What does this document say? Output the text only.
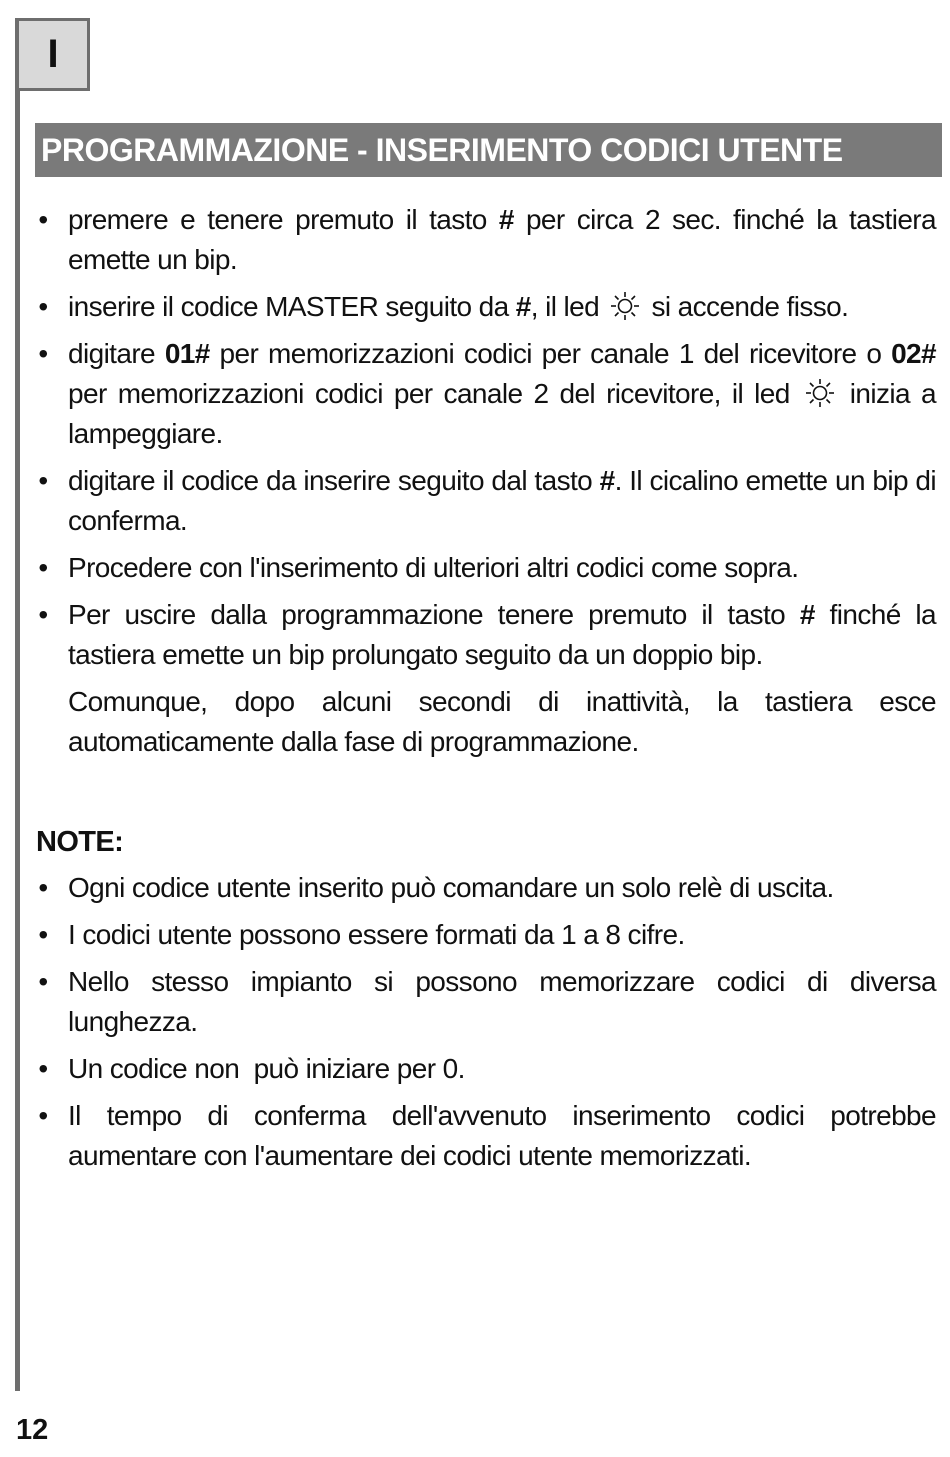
I
PROGRAMMAZIONE - INSERIMENTO CODICI UTENTE
• premere e tenere premuto il tasto # per circa 2 sec. finché la tastiera emette un bip.
• inserire il codice MASTER seguito da #, il led  si accende fisso.
• digitare 01# per memorizzazioni codici per canale 1 del ricevitore o 02# per memorizzazioni codici per canale 2 del ricevitore, il led  inizia a lampeggiare.
• digitare il codice da inserire seguito dal tasto #. Il cicalino emette un bip di conferma.
• Procedere con l'inserimento di ulteriori altri codici come sopra.
• Per uscire dalla programmazione tenere premuto il tasto # finché la tastiera emette un bip prolungato seguito da un doppio bip.
Comunque, dopo alcuni secondi di inattività, la tastiera esce automaticamente dalla fase di programmazione.
NOTE:
• Ogni codice utente inserito può comandare un solo relè di uscita.
• I codici utente possono essere formati da 1 a 8 cifre.
• Nello stesso impianto si possono memorizzare codici di diversa lunghezza.
• Un codice non  può iniziare per 0.
• Il tempo di conferma dell'avvenuto inserimento codici potrebbe aumentare con l'aumentare dei codici utente memorizzati.
12
